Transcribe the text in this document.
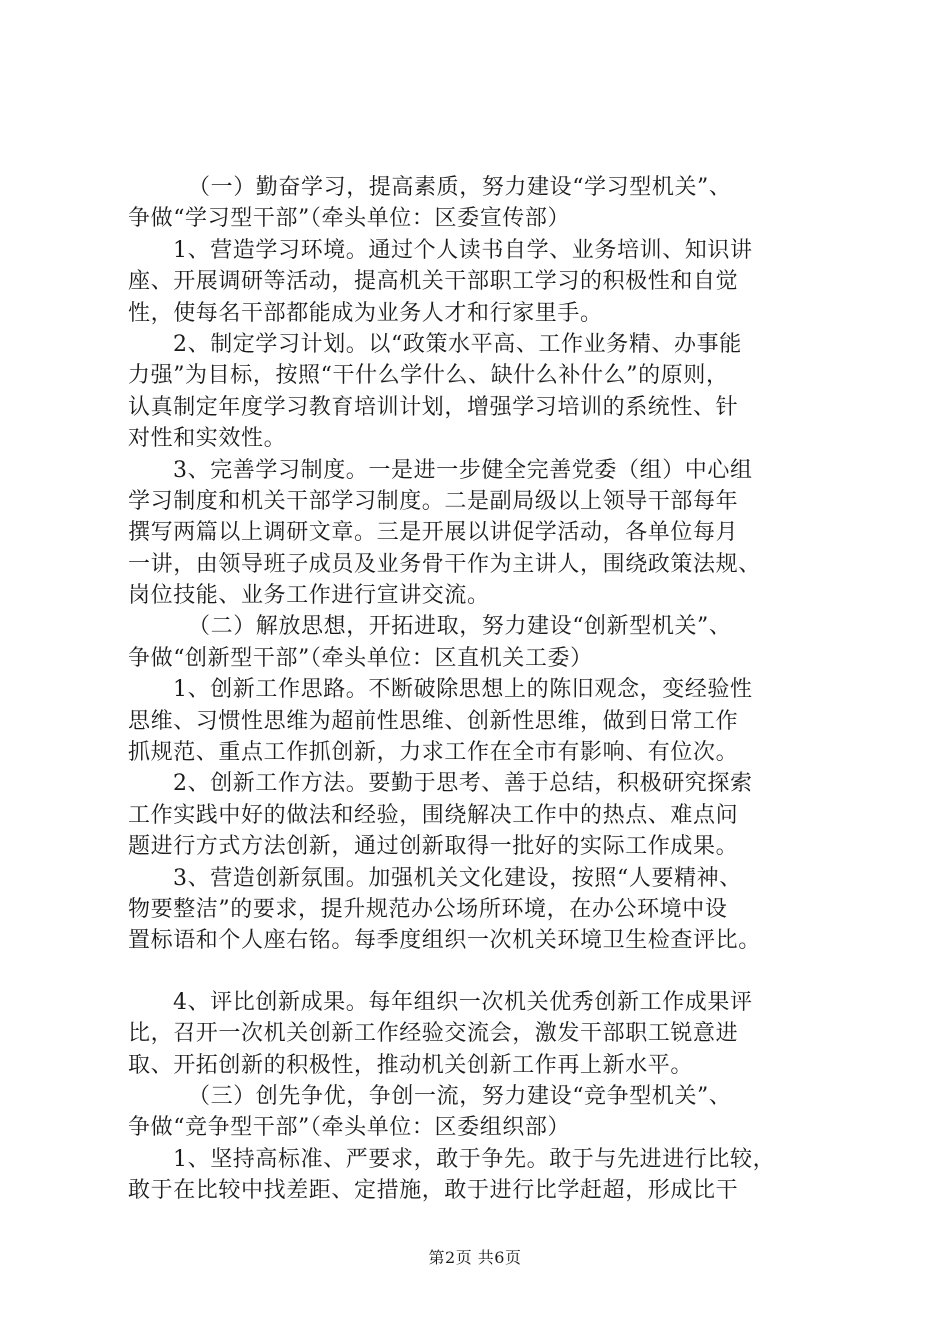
（一）勤奋学习，提高素质，努力建设“学习型机关”、
争做“学习型干部”（牵头单位：区委宣传部）
1、营造学习环境。通过个人读书自学、业务培训、知识讲
座、开展调研等活动，提高机关干部职工学习的积极性和自觉
性，使每名干部都能成为业务人才和行家里手。
2、制定学习计划。以“政策水平高、工作业务精、办事能
力强”为目标，按照“干什么学什么、缺什么补什么”的原则，
认真制定年度学习教育培训计划，增强学习培训的系统性、针
对性和实效性。
3、完善学习制度。一是进一步健全完善党委（组）中心组
学习制度和机关干部学习制度。二是副局级以上领导干部每年
撰写两篇以上调研文章。三是开展以讲促学活动，各单位每月
一讲，由领导班子成员及业务骨干作为主讲人，围绕政策法规、
岗位技能、业务工作进行宣讲交流。
（二）解放思想，开拓进取，努力建设“创新型机关”、
争做“创新型干部”（牵头单位：区直机关工委）
1、创新工作思路。不断破除思想上的陈旧观念，变经验性
思维、习惯性思维为超前性思维、创新性思维，做到日常工作
抓规范、重点工作抓创新，力求工作在全市有影响、有位次。
2、创新工作方法。要勤于思考、善于总结，积极研究探索
工作实践中好的做法和经验，围绕解决工作中的热点、难点问
题进行方式方法创新，通过创新取得一批好的实际工作成果。
3、营造创新氛围。加强机关文化建设，按照“人要精神、
物要整洁”的要求，提升规范办公场所环境，在办公环境中设
置标语和个人座右铭。每季度组织一次机关环境卫生检查评比。
4、评比创新成果。每年组织一次机关优秀创新工作成果评
比，召开一次机关创新工作经验交流会，激发干部职工锐意进
取、开拓创新的积极性，推动机关创新工作再上新水平。
（三）创先争优，争创一流，努力建设“竞争型机关”、
争做“竞争型干部”（牵头单位：区委组织部）
1、坚持高标准、严要求，敢于争先。敢于与先进进行比较，
敢于在比较中找差距、定措施，敢于进行比学赶超，形成比干
第2页 共6页
